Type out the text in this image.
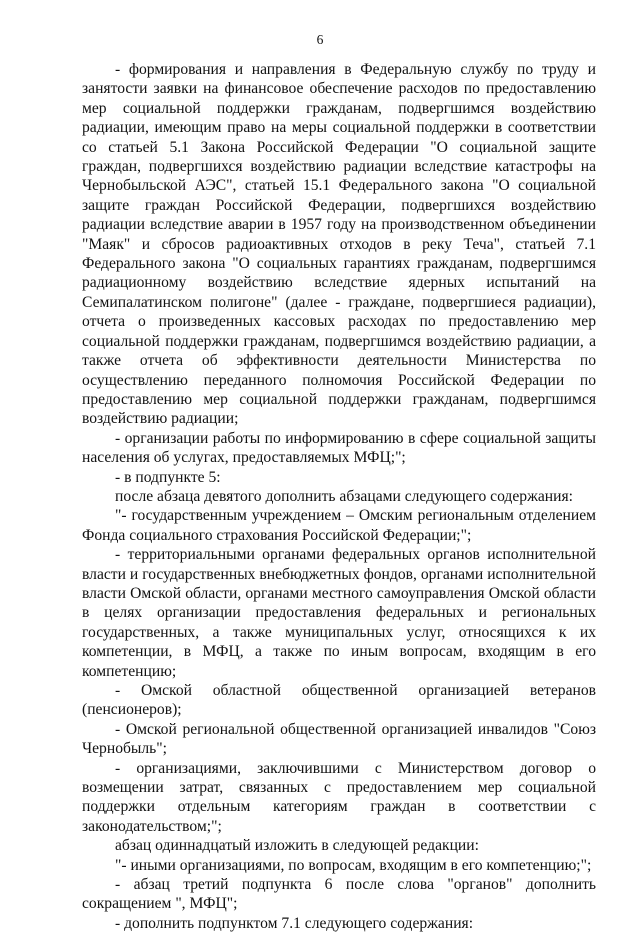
6

- формирования и направления в Федеральную службу по труду и занятости заявки на финансовое обеспечение расходов по предоставлению мер социальной поддержки гражданам, подвергшимся воздействию радиации, имеющим право на меры социальной поддержки в соответствии со статьей 5.1 Закона Российской Федерации "О социальной защите граждан, подвергшихся воздействию радиации вследствие катастрофы на Чернобыльской АЭС", статьей 15.1 Федерального закона "О социальной защите граждан Российской Федерации, подвергшихся воздействию радиации вследствие аварии в 1957 году на производственном объединении "Маяк" и сбросов радиоактивных отходов в реку Теча", статьей 7.1 Федерального закона "О социальных гарантиях гражданам, подвергшимся радиационному воздействию вследствие ядерных испытаний на Семипалатинском полигоне" (далее - граждане, подвергшиеся радиации), отчета о произведенных кассовых расходах по предоставлению мер социальной поддержки гражданам, подвергшимся воздействию радиации, а также отчета об эффективности деятельности Министерства по осуществлению переданного полномочия Российской Федерации по предоставлению мер социальной поддержки гражданам, подвергшимся воздействию радиации;

- организации работы по информированию в сфере социальной защиты населения об услугах, предоставляемых МФЦ;";

- в подпункте 5:

после абзаца девятого дополнить абзацами следующего содержания:

"- государственным учреждением – Омским региональным отделением Фонда социального страхования Российской Федерации;";

- территориальными органами федеральных органов исполнительной власти и государственных внебюджетных фондов, органами исполнительной власти Омской области, органами местного самоуправления Омской области в целях организации предоставления федеральных и региональных государственных, а также муниципальных услуг, относящихся к их компетенции, в МФЦ, а также по иным вопросам, входящим в его компетенцию;

- Омской областной общественной организацией ветеранов (пенсионеров);

- Омской региональной общественной организацией инвалидов "Союз Чернобыль";

- организациями, заключившими с Министерством договор о возмещении затрат, связанных с предоставлением мер социальной поддержки отдельным категориям граждан в соответствии с законодательством;";

абзац одиннадцатый изложить в следующей редакции:

"- иными организациями, по вопросам, входящим в его компетенцию;";

- абзац третий подпункта 6 после слова "органов" дополнить сокращением ", МФЦ";

- дополнить подпунктом 7.1 следующего содержания:
